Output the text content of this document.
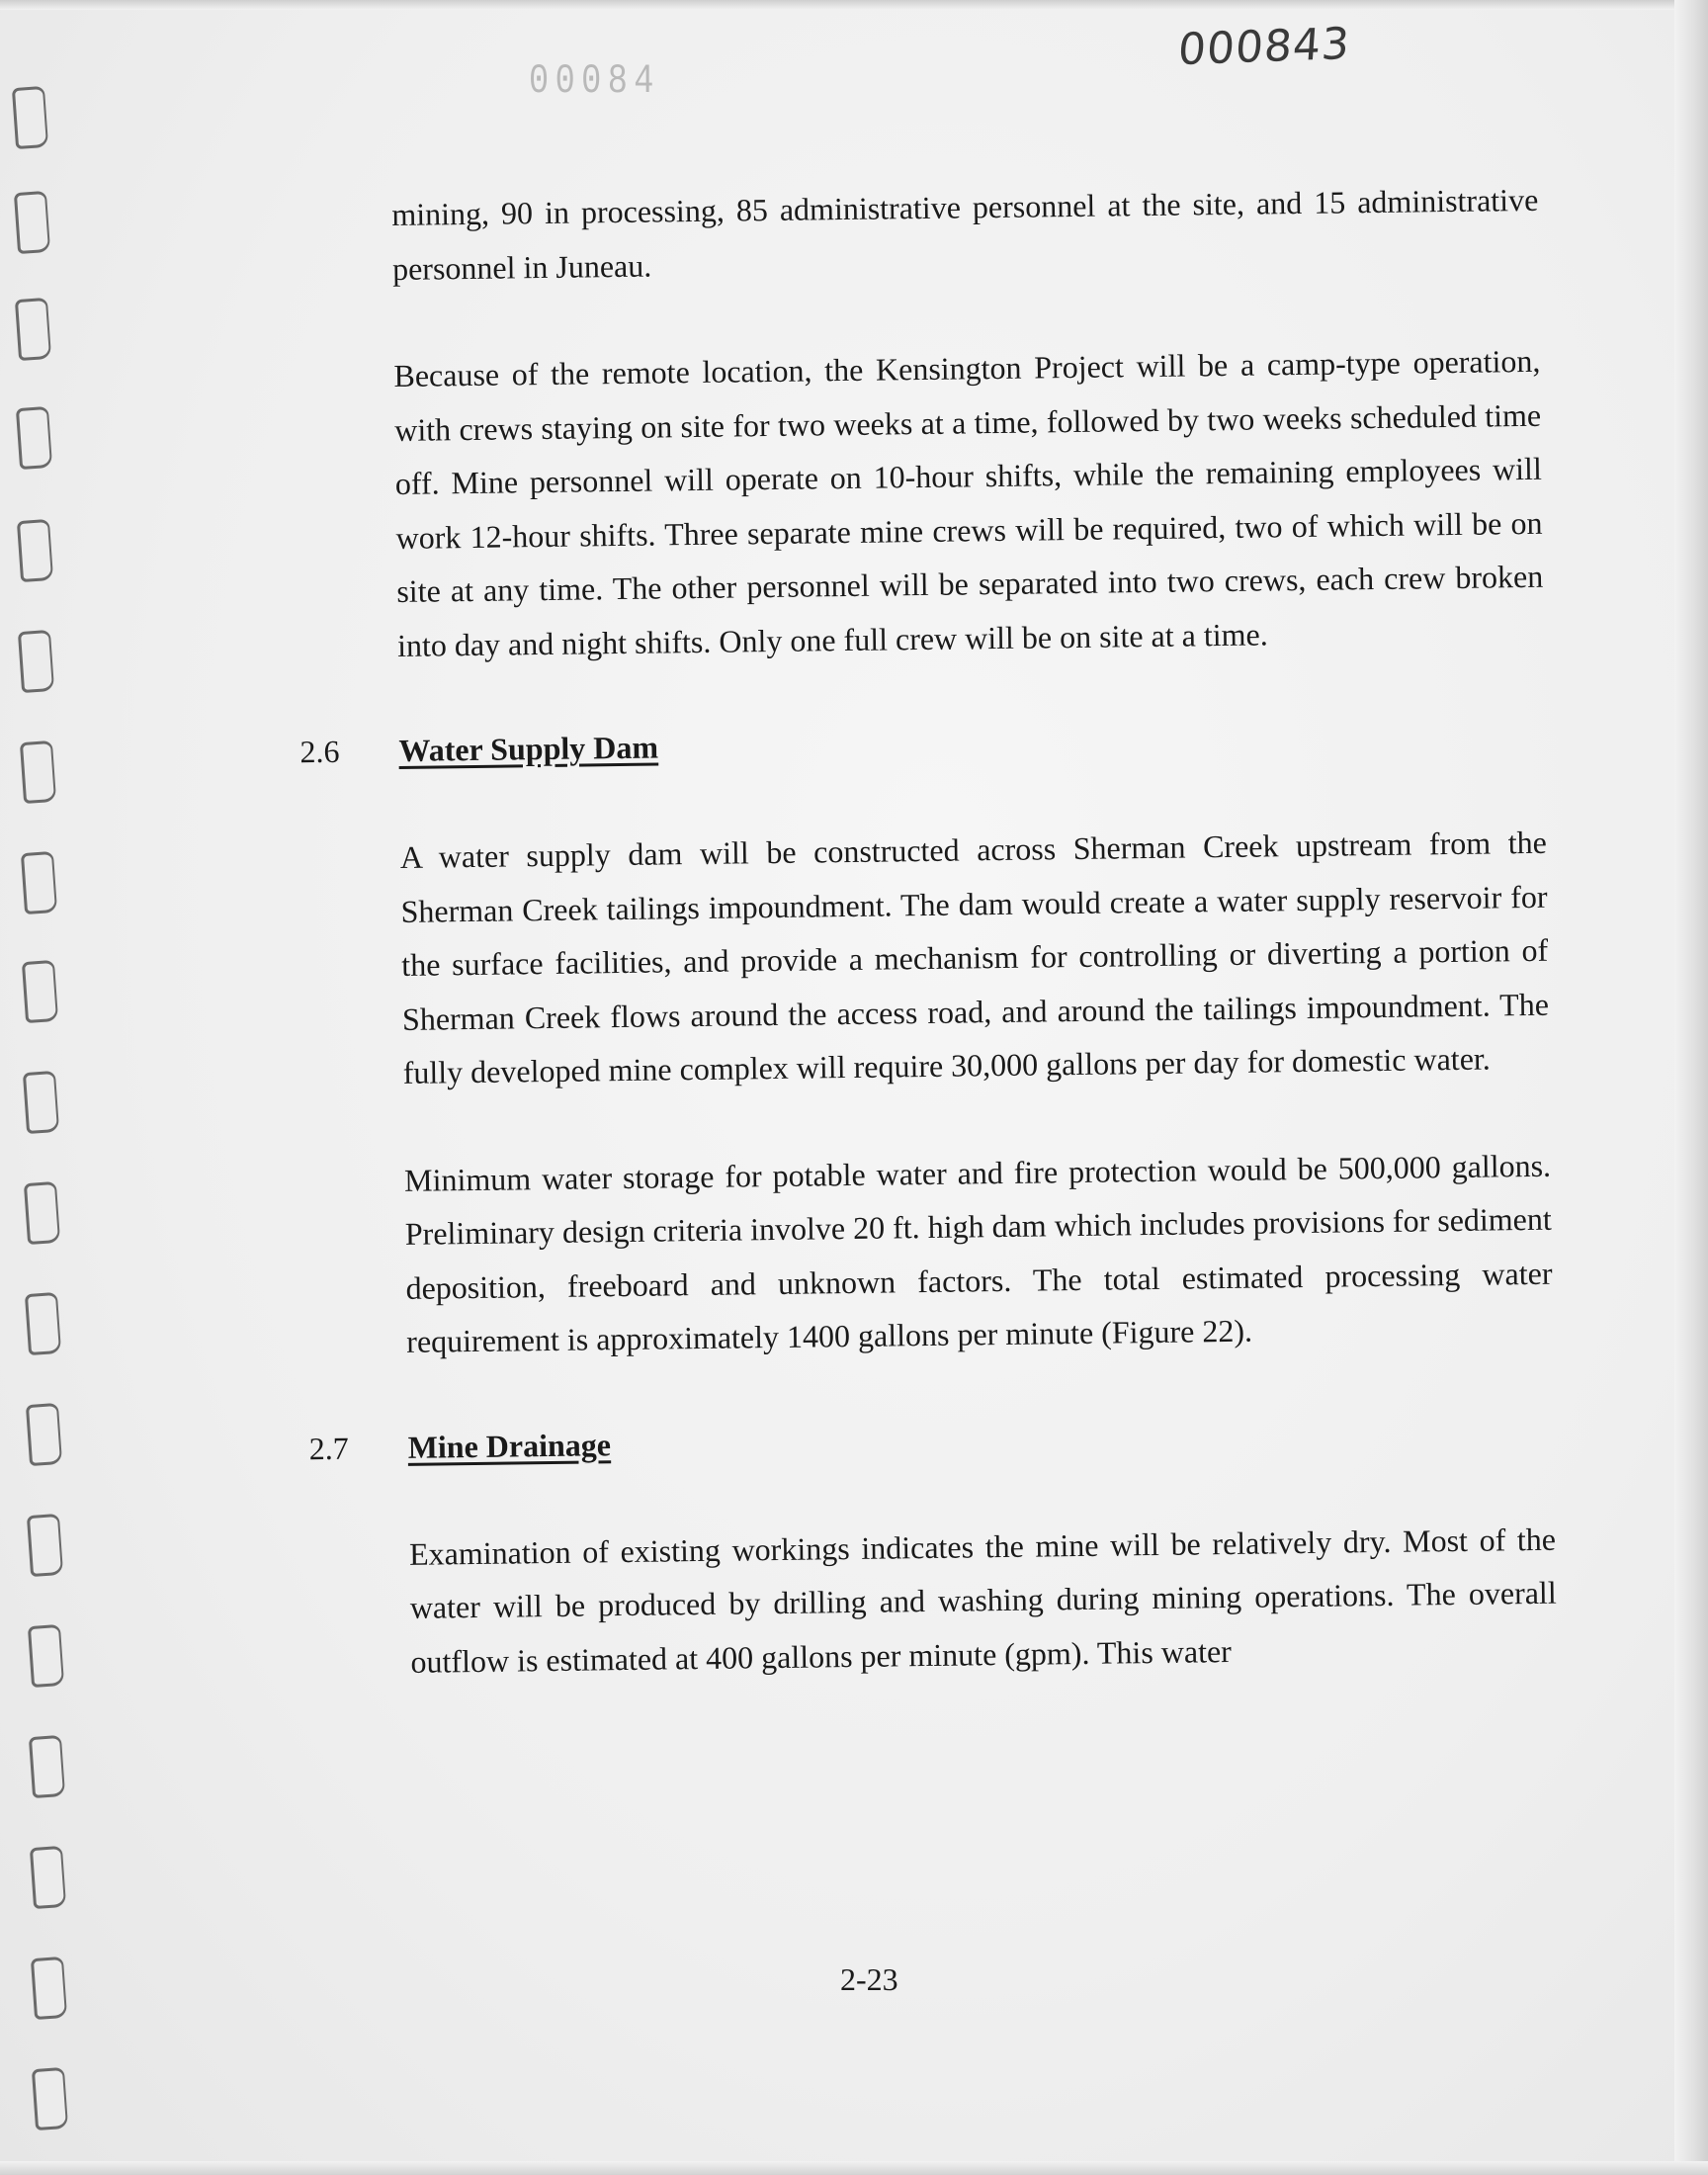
00084
000843

mining, 90 in processing, 85 administrative personnel at the site, and 15 administrative personnel in Juneau.

Because of the remote location, the Kensington Project will be a camp-type operation, with crews staying on site for two weeks at a time, followed by two weeks scheduled time off. Mine personnel will operate on 10-hour shifts, while the remaining employees will work 12-hour shifts. Three separate mine crews will be required, two of which will be on site at any time. The other personnel will be separated into two crews, each crew broken into day and night shifts. Only one full crew will be on site at a time.

2.6 Water Supply Dam

A water supply dam will be constructed across Sherman Creek upstream from the Sherman Creek tailings impoundment. The dam would create a water supply reservoir for the surface facilities, and provide a mechanism for controlling or diverting a portion of Sherman Creek flows around the access road, and around the tailings impoundment. The fully developed mine complex will require 30,000 gallons per day for domestic water.

Minimum water storage for potable water and fire protection would be 500,000 gallons. Preliminary design criteria involve 20 ft. high dam which includes provisions for sediment deposition, freeboard and unknown factors. The total estimated processing water requirement is approximately 1400 gallons per minute (Figure 22).

2.7 Mine Drainage

Examination of existing workings indicates the mine will be relatively dry. Most of the water will be produced by drilling and washing during mining operations. The overall outflow is estimated at 400 gallons per minute (gpm). This water

2-23
